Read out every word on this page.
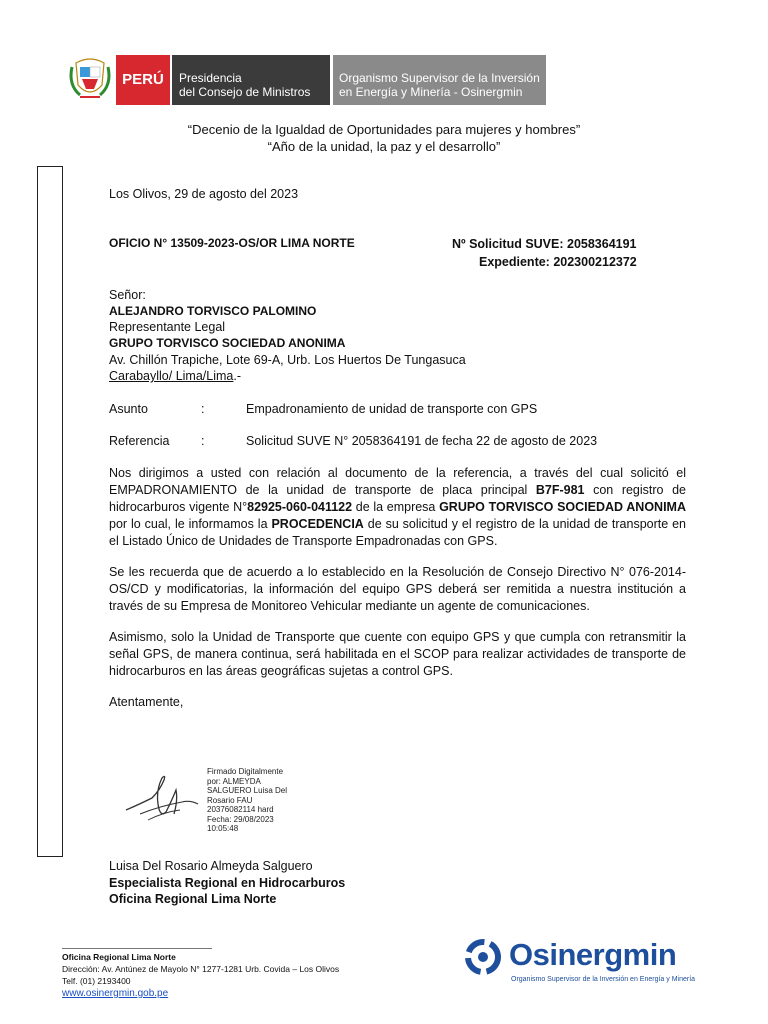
PERÚ	Presidencia
del Consejo de Ministros
Organismo Supervisor de la Inversión
en Energía y Minería - Osinergmin
“Decenio de la Igualdad de Oportunidades para mujeres y hombres”
“Año de la unidad, la paz y el desarrollo”
Los Olivos, 29 de agosto del 2023
OFICIO N° 13509-2023-OS/OR LIMA NORTE	Nº Solicitud SUVE: 2058364191
Expediente: 202300212372
Señor:
ALEJANDRO TORVISCO PALOMINO
Representante Legal
GRUPO TORVISCO SOCIEDAD ANONIMA
Av. Chillón Trapiche, Lote 69-A, Urb. Los Huertos De Tungasuca
Carabayllo/ Lima/Lima.-
Asunto	:	Empadronamiento de unidad de transporte con GPS
Referencia	:	Solicitud SUVE N° 2058364191 de fecha 22 de agosto de 2023
Nos dirigimos a usted con relación al documento de la referencia, a través del cual solicitó el EMPADRONAMIENTO de la unidad de transporte de placa principal B7F-981 con registro de hidrocarburos vigente N°82925-060-041122 de la empresa GRUPO TORVISCO SOCIEDAD ANONIMA por lo cual, le informamos la PROCEDENCIA de su solicitud y el registro de la unidad de transporte en el Listado Único de Unidades de Transporte Empadronadas con GPS.
Se les recuerda que de acuerdo a lo establecido en la Resolución de Consejo Directivo N° 076-2014-OS/CD y modificatorias, la información del equipo GPS deberá ser remitida a nuestra institución a través de su Empresa de Monitoreo Vehicular mediante un agente de comunicaciones.
Asimismo, solo la Unidad de Transporte que cuente con equipo GPS y que cumpla con retransmitir la señal GPS, de manera continua, será habilitada en el SCOP para realizar actividades de transporte de hidrocarburos en las áreas geográficas sujetas a control GPS.
Atentamente,
Firmado Digitalmente
por: ALMEYDA
SALGUERO Luisa Del
Rosario FAU
20376082114 hard
Fecha: 29/08/2023
10:05:48
Luisa Del Rosario Almeyda Salguero
Especialista Regional en Hidrocarburos
Oficina Regional Lima Norte
Oficina Regional Lima Norte
Dirección: Av. Antúnez de Mayolo N° 1277-1281 Urb. Covida – Los Olivos
Telf. (01) 2193400
www.osinergmin.gob.pe
Osinergmin
Organismo Supervisor de la Inversión en Energía y Minería
